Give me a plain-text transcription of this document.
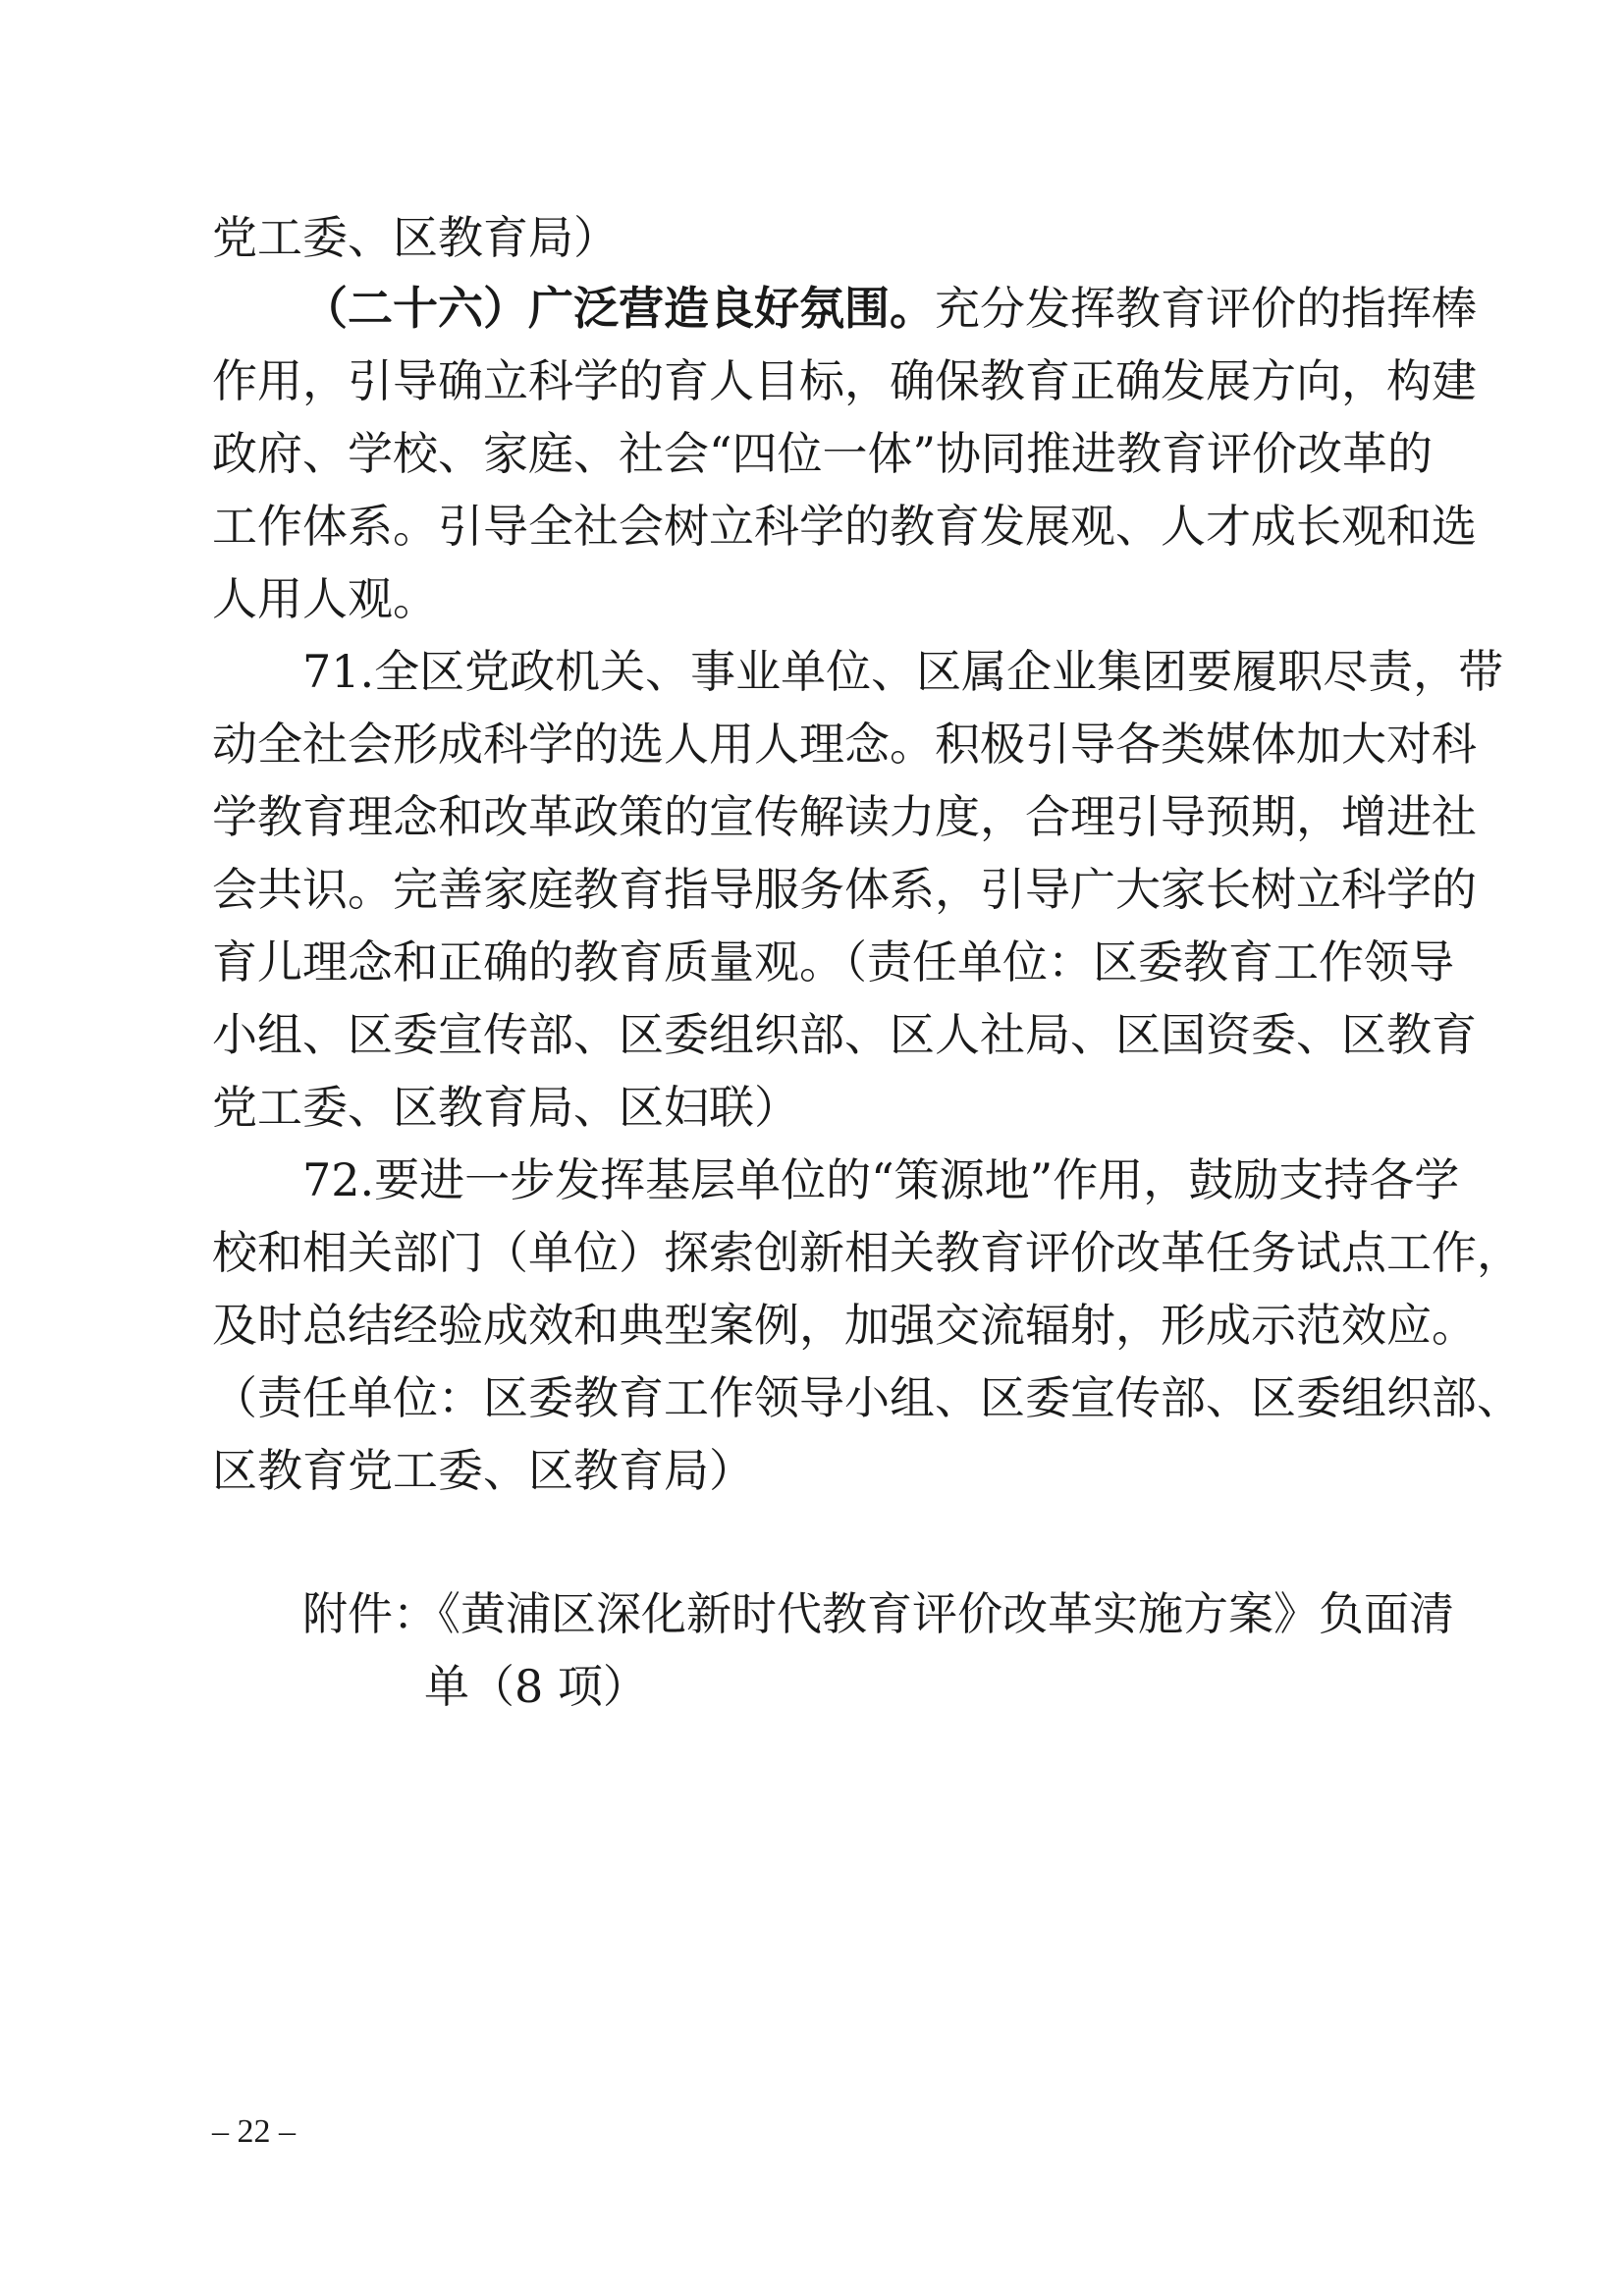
党工委、区教育局）
（二十六）广泛营造良好氛围。充分发挥教育评价的指挥棒
作用，引导确立科学的育人目标，确保教育正确发展方向，构建
政府、学校、家庭、社会“四位一体”协同推进教育评价改革的
工作体系。引导全社会树立科学的教育发展观、人才成长观和选
人用人观。
71.全区党政机关、事业单位、区属企业集团要履职尽责，带
动全社会形成科学的选人用人理念。积极引导各类媒体加大对科
学教育理念和改革政策的宣传解读力度，合理引导预期，增进社
会共识。完善家庭教育指导服务体系，引导广大家长树立科学的
育儿理念和正确的教育质量观。（责任单位：区委教育工作领导
小组、区委宣传部、区委组织部、区人社局、区国资委、区教育
党工委、区教育局、区妇联）
72.要进一步发挥基层单位的“策源地”作用，鼓励支持各学
校和相关部门（单位）探索创新相关教育评价改革任务试点工作，
及时总结经验成效和典型案例，加强交流辐射，形成示范效应。
（责任单位：区委教育工作领导小组、区委宣传部、区委组织部、
区教育党工委、区教育局）
附件：《黄浦区深化新时代教育评价改革实施方案》负面清
单（8 项）
– 22 –
